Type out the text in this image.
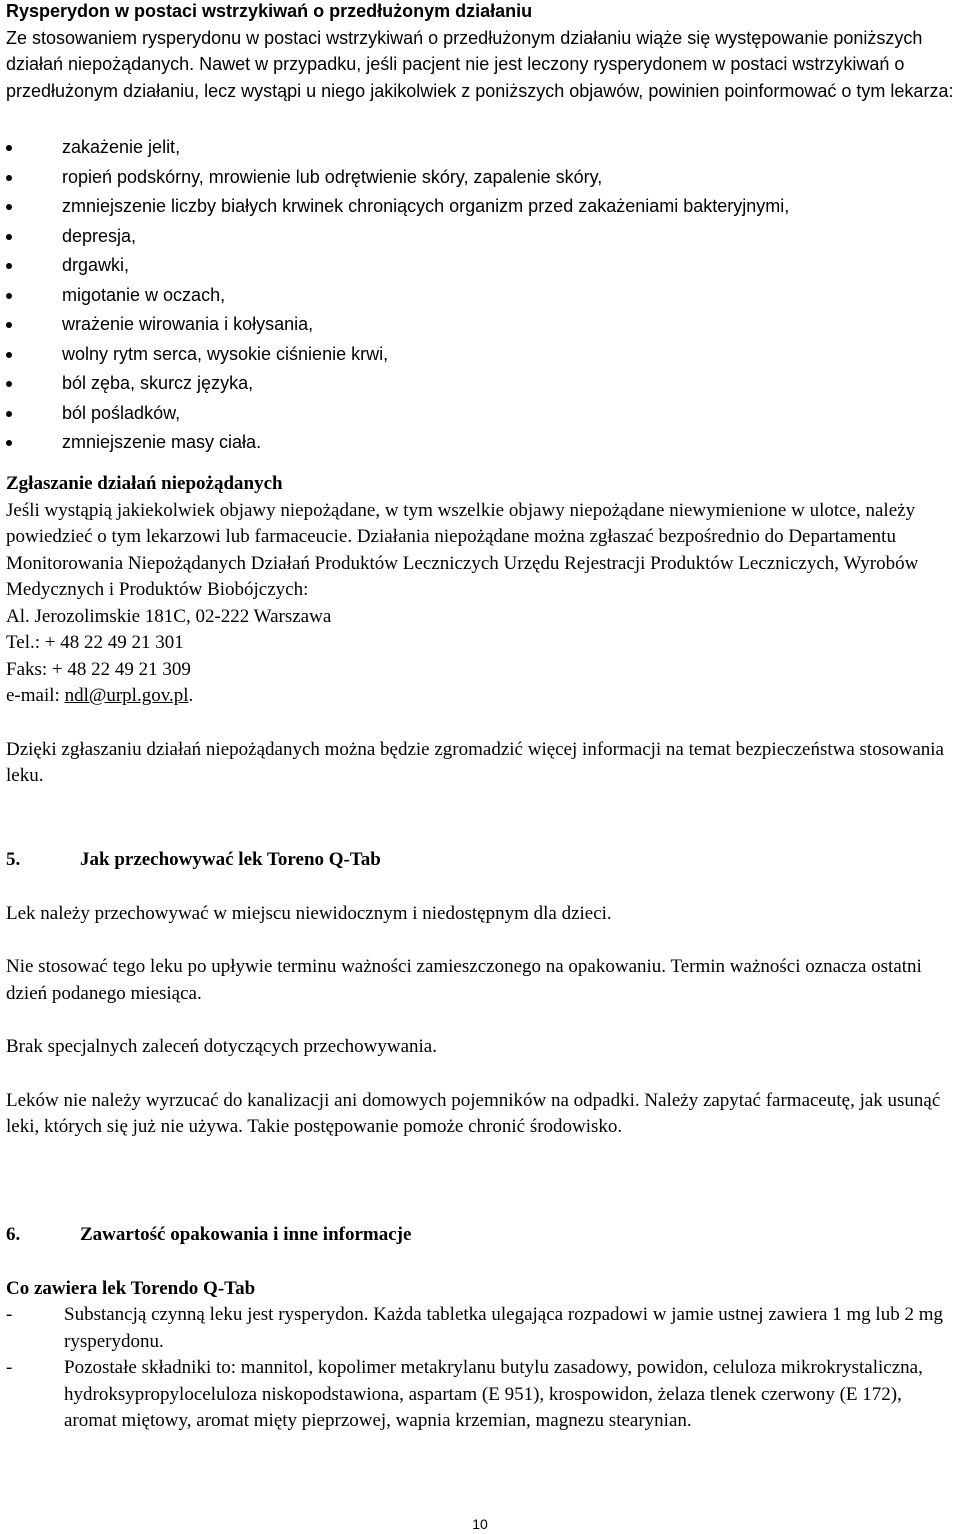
Rysperydon w postaci wstrzykiwań o przedłużonym działaniu

Ze stosowaniem rysperydonu w postaci wstrzykiwań o przedłużonym działaniu wiąże się występowanie poniższych działań niepożądanych. Nawet w przypadku, jeśli pacjent nie jest leczony rysperydonem w postaci wstrzykiwań o przedłużonym działaniu, lecz wystąpi u niego jakikolwiek z poniższych objawów, powinien poinformować o tym lekarza:

zakażenie jelit,
ropień podskórny, mrowienie lub odrętwienie skóry, zapalenie skóry,
zmniejszenie liczby białych krwinek chroniących organizm przed zakażeniami bakteryjnymi,
depresja,
drgawki,
migotanie w oczach,
wrażenie wirowania i kołysania,
wolny rytm serca, wysokie ciśnienie krwi,
ból zęba, skurcz języka,
ból pośladków,
zmniejszenie masy ciała.

Zgłaszanie działań niepożądanych

Jeśli wystąpią jakiekolwiek objawy niepożądane, w tym wszelkie objawy niepożądane niewymienione w ulotce, należy powiedzieć o tym lekarzowi lub farmaceucie. Działania niepożądane można zgłaszać bezpośrednio do Departamentu Monitorowania Niepożądanych Działań Produktów Leczniczych Urzędu Rejestracji Produktów Leczniczych, Wyrobów Medycznych i Produktów Biobójczych:

Al. Jerozolimskie 181C, 02-222 Warszawa

Tel.: + 48 22 49 21 301

Faks: + 48 22 49 21 309

e-mail: ndl@urpl.gov.pl.

Dzięki zgłaszaniu działań niepożądanych można będzie zgromadzić więcej informacji na temat bezpieczeństwa stosowania leku.

5.	Jak przechowywać lek Toreno Q-Tab

Lek należy przechowywać w miejscu niewidocznym i niedostępnym dla dzieci.

Nie stosować tego leku po upływie terminu ważności zamieszczonego na opakowaniu. Termin ważności oznacza ostatni dzień podanego miesiąca.

Brak specjalnych zaleceń dotyczących przechowywania.

Leków nie należy wyrzucać do kanalizacji ani domowych pojemników na odpadki. Należy zapytać farmaceutę, jak usunąć leki, których się już nie używa. Takie postępowanie pomoże chronić środowisko.

6.	Zawartość opakowania i inne informacje

Co zawiera lek Torendo Q-Tab

-	Substancją czynną leku jest rysperydon. Każda tabletka ulegająca rozpadowi w jamie ustnej zawiera 1 mg lub 2 mg rysperydonu.
-	Pozostałe składniki to: mannitol, kopolimer metakrylanu butylu zasadowy, powidon, celuloza mikrokrystaliczna, hydroksypropyloceluloza niskopodstawiona, aspartam (E 951), krospowidon, żelaza tlenek czerwony (E 172), aromat miętowy, aromat mięty pieprzowej, wapnia krzemian, magnezu stearynian.
10
